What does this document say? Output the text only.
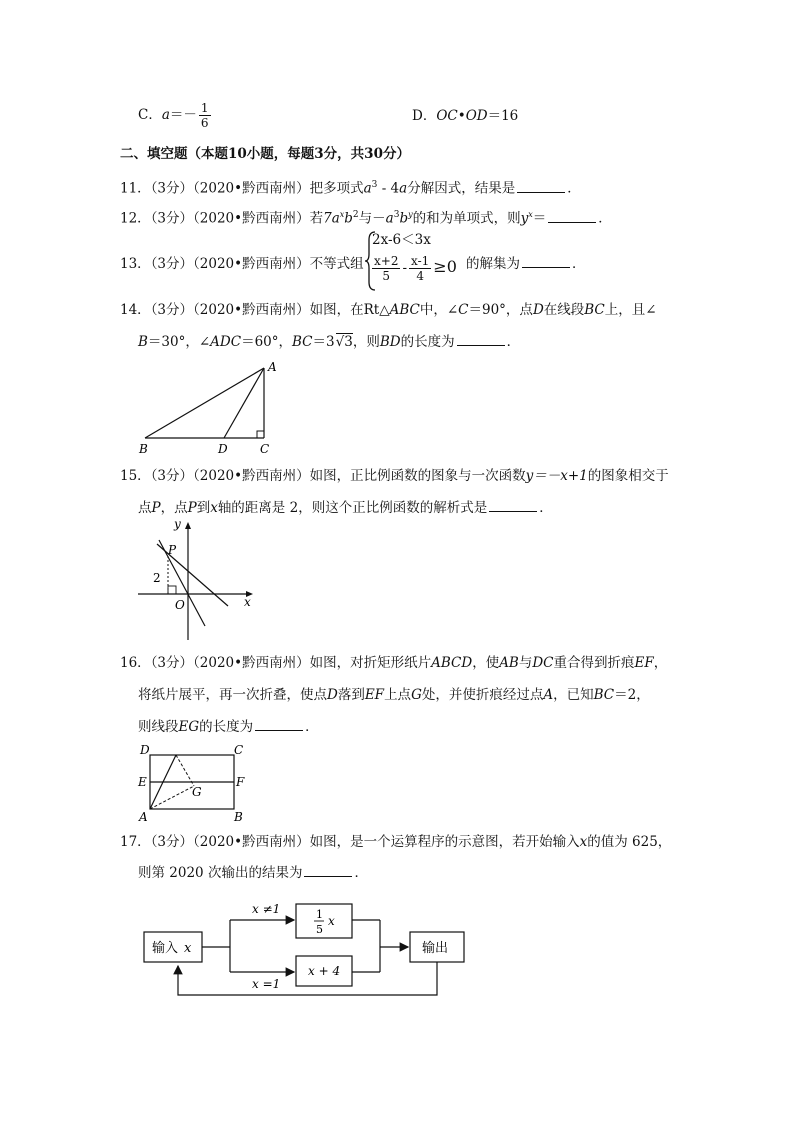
C．$a=- \frac{1}{6}$	D．OC•OD＝16
二、填空题（本题10小题，每题3分，共30分）
11．（3分）（2020•黔西南州）把多项式$a^3 - 4a$分解因式，结果是	．
12．（3分）（2020•黔西南州）若$7a^xb^2$与$-a^3b^y$的和为单项式，则$y^x=$	．
13．（3分）（2020•黔西南州）不等式组
2x-6＜3x
$\frac{x+2}{5} - \frac{x-1}{4} \ge 0$ 的解集为	．
14．（3分）（2020•黔西南州）如图，在Rt△ABC中，∠C＝90°，点D在线段BC上，且∠
B＝30°，∠ADC＝60°，BC＝3√3，则BD的长度为	．
A
B	D	C
15．（3分）（2020•黔西南州）如图，正比例函数的图象与一次函数y＝－x+1的图象相交于
点P，点P到x轴的距离是 2，则这个正比例函数的解析式是	．
y
x
P
O
2
16．（3分）（2020•黔西南州）如图，对折矩形纸片ABCD，使AB与DC重合得到折痕EF，
将纸片展平，再一次折叠，使点D落到EF上点G处，并使折痕经过点A，已知BC＝2，
则线段EG的长度为	．
D	C
E	F
G
A	B
17．（3分）（2020•黔西南州）如图，是一个运算程序的示意图，若开始输入x的值为 625，
则第 2020 次输出的结果为	．
输入 x
x ≠1
x =1
1
5
x
x + 4
输出
